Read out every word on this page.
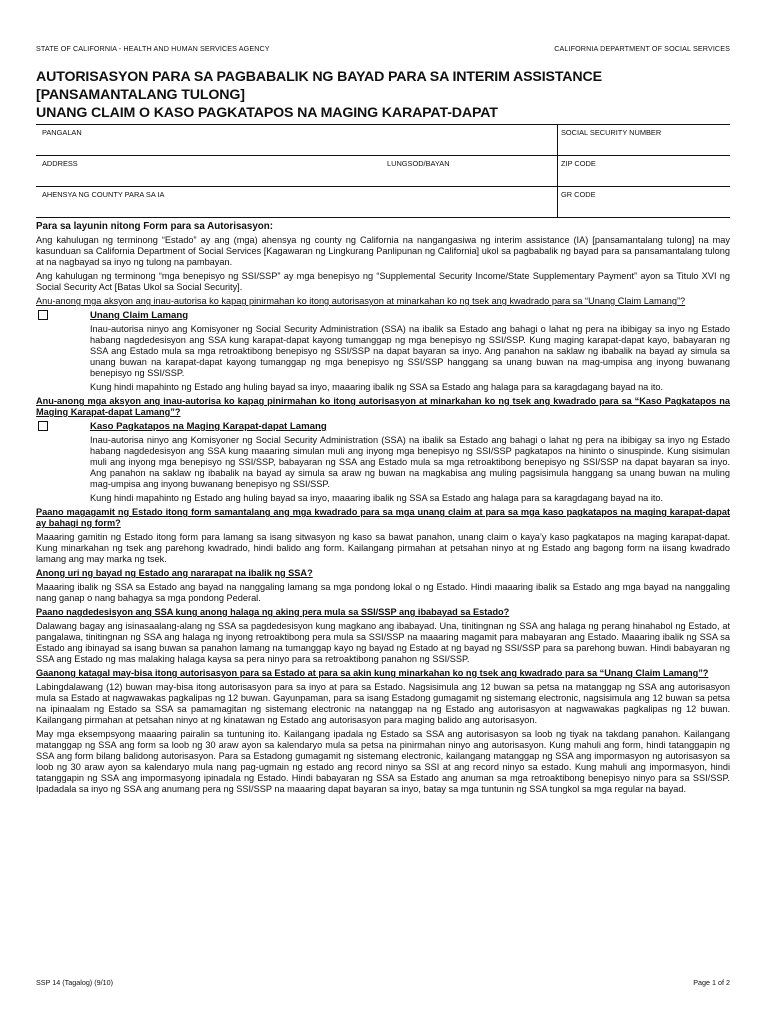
STATE OF CALIFORNIA - HEALTH AND HUMAN SERVICES AGENCY	CALIFORNIA DEPARTMENT OF SOCIAL SERVICES
AUTORISASYON PARA SA PAGBABALIK NG BAYAD PARA SA INTERIM ASSISTANCE
[PANSAMANTALANG TULONG]
UNANG CLAIM O KASO PAGKATAPOS NA MAGING KARAPAT-DAPAT
PANGALAN	SOCIAL SECURITY NUMBER
ADDRESS	LUNGSOD/BAYAN	ZIP CODE
AHENSYA NG COUNTY PARA SA IA	GR CODE

Para sa layunin nitong Form para sa Autorisasyon:

Ang kahulugan ng terminong “Estado” ay ang (mga) ahensya ng county ng California na nangangasiwa ng interim assistance (IA) [pansamantalang tulong] na may kasunduan sa California Department of Social Services [Kagawaran ng Lingkurang Panlipunan ng California] ukol sa pagbabalik ng bayad para sa pansamantalang tulong at na nagbayad sa inyo ng tulong na pambayan.

Ang kahulugan ng terminong “mga benepisyo ng SSI/SSP” ay mga benepisyo ng “Supplemental Security Income/State Supplementary Payment” ayon sa Titulo XVI ng Social Security Act [Batas Ukol sa Social Security].

Anu-anong mga aksyon ang inau-autorisa ko kapag pinirmahan ko itong autorisasyon at minarkahan ko ng tsek ang kwadrado para sa “Unang Claim Lamang”?

Unang Claim Lamang

Inau-autorisa ninyo ang Komisyoner ng Social Security Administration (SSA) na ibalik sa Estado ang bahagi o lahat ng pera na ibibigay sa inyo ng Estado habang nagdedesisyon ang SSA kung karapat-dapat kayong tumanggap ng mga benepisyo ng SSI/SSP. Kung maging karapat-dapat kayo, babayaran ng SSA ang Estado mula sa mga retroaktibong benepisyo ng SSI/SSP na dapat bayaran sa inyo. Ang panahon na saklaw ng ibabalik na bayad ay simula sa unang buwan na karapat-dapat kayong tumanggap ng mga benepisyo ng SSI/SSP hanggang sa unang buwan na mag-umpisa ang inyong buwanang benepisyo ng SSI/SSP.

Kung hindi mapahinto ng Estado ang huling bayad sa inyo, maaaring ibalik ng SSA sa Estado ang halaga para sa karagdagang bayad na ito.

Anu-anong mga aksyon ang inau-autorisa ko kapag pinirmahan ko itong autorisasyon at minarkahan ko ng tsek ang kwadrado para sa “Kaso Pagkatapos na Maging Karapat-dapat Lamang”?

Kaso Pagkatapos na Maging Karapat-dapat Lamang

Inau-autorisa ninyo ang Komisyoner ng Social Security Administration (SSA) na ibalik sa Estado ang bahagi o lahat ng pera na ibibigay sa inyo ng Estado habang nagdedesisyon ang SSA kung maaaring simulan muli ang inyong mga benepisyo ng SSI/SSP pagkatapos na hininto o sinuspinde. Kung sisimulan muli ang inyong mga benepisyo ng SSI/SSP, babayaran ng SSA ang Estado mula sa mga retroaktibong benepisyo ng SSI/SSP na dapat bayaran sa inyo. Ang panahon na saklaw ng ibabalik na bayad ay simula sa araw ng buwan na magkabisa ang muling pagsisimula hanggang sa unang buwan na muling mag-umpisa ang inyong buwanang benepisyo ng SSI/SSP.

Kung hindi mapahinto ng Estado ang huling bayad sa inyo, maaaring ibalik ng SSA sa Estado ang halaga para sa karagdagang bayad na ito.

Paano magagamit ng Estado itong form samantalang ang mga kwadrado para sa mga unang claim at para sa mga kaso pagkatapos na maging karapat-dapat ay bahagi ng form?

Maaaring gamitin ng Estado itong form para lamang sa isang sitwasyon ng kaso sa bawat panahon, unang claim o kaya’y kaso pagkatapos na maging karapat-dapat. Kung minarkahan ng tsek ang parehong kwadrado, hindi balido ang form. Kailangang pirmahan at petsahan ninyo at ng Estado ang bagong form na iisang kwadrado lamang ang may marka ng tsek.

Anong uri ng bayad ng Estado ang nararapat na ibalik ng SSA?

Maaaring ibalik ng SSA sa Estado ang bayad na nanggaling lamang sa mga pondong lokal o ng Estado. Hindi maaaring ibalik sa Estado ang mga bayad na nanggaling nang ganap o nang bahagya sa mga pondong Pederal.

Paano nagdedesisyon ang SSA kung anong halaga ng aking pera mula sa SSI/SSP ang ibabayad sa Estado?

Dalawang bagay ang isinasaalang-alang ng SSA sa pagdedesisyon kung magkano ang ibabayad. Una, tinitingnan ng SSA ang halaga ng perang hinahabol ng Estado, at pangalawa, tinitingnan ng SSA ang halaga ng inyong retroaktibong pera mula sa SSI/SSP na maaaring magamit para mabayaran ang Estado. Maaaring ibalik ng SSA sa Estado ang ibinayad sa isang buwan sa panahon lamang na tumanggap kayo ng bayad ng Estado at ng bayad ng SSI/SSP para sa parehong buwan. Hindi babayaran ng SSA ang Estado ng mas malaking halaga kaysa sa pera ninyo para sa retroaktibong panahon ng SSI/SSP.

Gaanong katagal may-bisa itong autorisasyon para sa Estado at para sa akin kung minarkahan ko ng tsek ang kwadrado para sa “Unang Claim Lamang”?

Labingdalawang (12) buwan may-bisa itong autorisasyon para sa inyo at para sa Estado. Nagsisimula ang 12 buwan sa petsa na matanggap ng SSA ang autorisasyon mula sa Estado at nagwawakas pagkalipas ng 12 buwan. Gayunpaman, para sa isang Estadong gumagamit ng sistemang electronic, nagsisimula ang 12 buwan sa petsa na ipinaalam ng Estado sa SSA sa pamamagitan ng sistemang electronic na natanggap na ng Estado ang autorisasyon at nagwawakas pagkalipas ng 12 buwan. Kailangang pirmahan at petsahan ninyo at ng kinatawan ng Estado ang autorisasyon para maging balido ang autorisasyon.

May mga eksempsyong maaaring pairalin sa tuntuning ito. Kailangang ipadala ng Estado sa SSA ang autorisasyon sa loob ng tiyak na takdang panahon. Kailangang matanggap ng SSA ang form sa loob ng 30 araw ayon sa kalendaryo mula sa petsa na pinirmahan ninyo ang autorisasyon. Kung mahuli ang form, hindi tatanggapin ng SSA ang form bilang balidong autorisasyon. Para sa Estadong gumagamit ng sistemang electronic, kailangang matanggap ng SSA ang impormasyon ng autorisasyon sa loob ng 30 araw ayon sa kalendaryo mula nang pag-ugmain ng estado ang record ninyo sa SSI at ang record ninyo sa estado. Kung mahuli ang impormasyon, hindi tatanggapin ng SSA ang impormasyong ipinadala ng Estado. Hindi babayaran ng SSA sa Estado ang anuman sa mga retroaktibong benepisyo ninyo para sa SSI/SSP. Ipadadala sa inyo ng SSA ang anumang pera ng SSI/SSP na maaaring dapat bayaran sa inyo, batay sa mga tuntunin ng SSA tungkol sa mga regular na bayad.

SSP 14 (Tagalog) (9/10)	Page 1 of 2
